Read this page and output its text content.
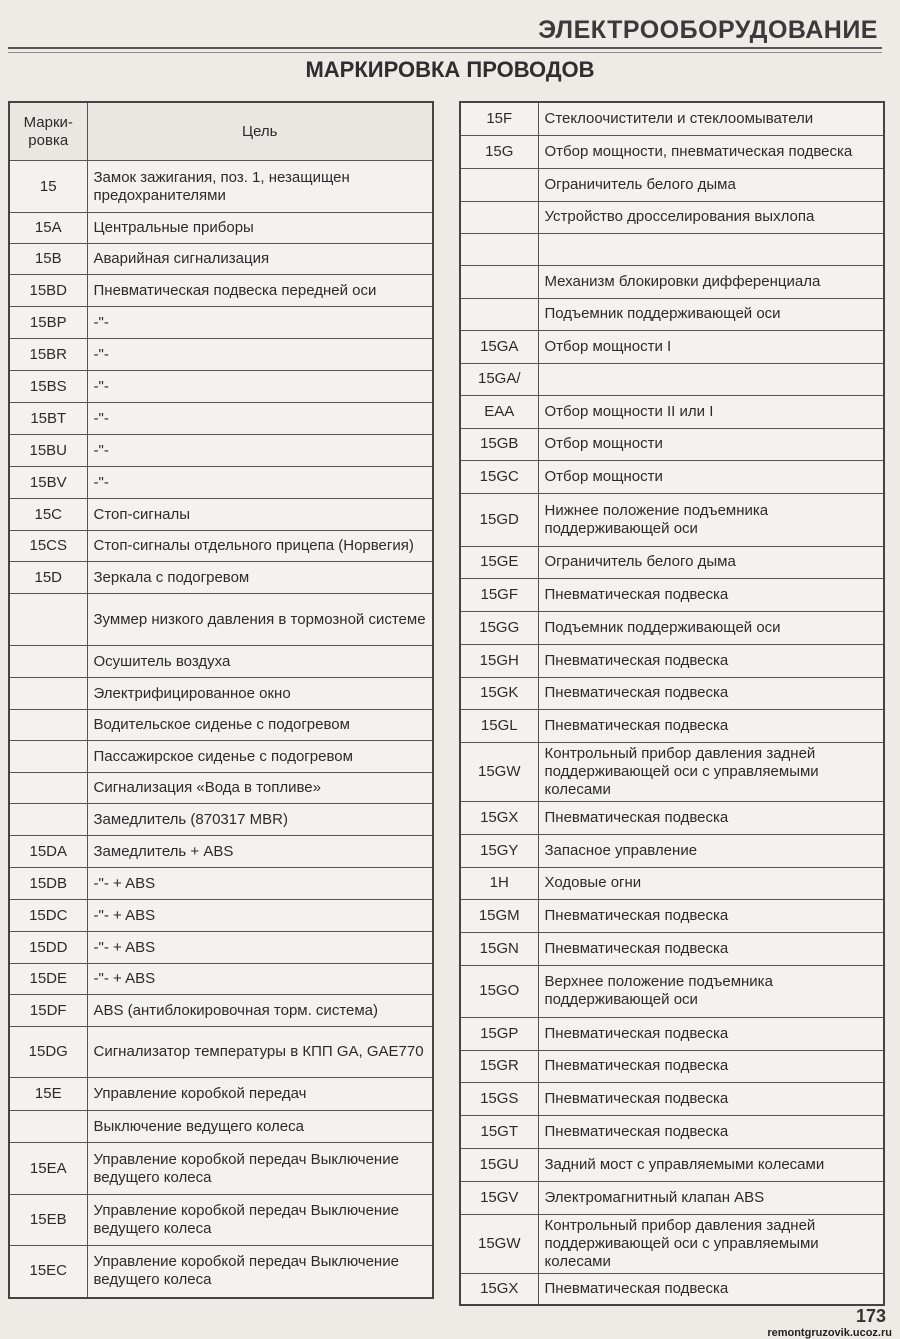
ЭЛЕКТРООБОРУДОВАНИЕ
МАРКИРОВКА ПРОВОДОВ
Марки-ровка	Цель
15	Замок зажигания, поз. 1, незащищен предохранителями
15A	Центральные приборы
15B	Аварийная сигнализация
15BD	Пневматическая подвеска передней оси
15BP	-"-
15BR	-"-
15BS	-"-
15BT	-"-
15BU	-"-
15BV	-"-
15C	Стоп-сигналы
15CS	Стоп-сигналы отдельного прицепа (Норвегия)
15D	Зеркала с подогревом
	Зуммер низкого давления в тормозной системе
	Осушитель воздуха
	Электрифицированное окно
	Водительское сиденье с подогревом
	Пассажирское сиденье с подогревом
	Сигнализация «Вода в топливе»
	Замедлитель (870317 MBR)
15DA	Замедлитель + ABS
15DB	-"- + ABS
15DC	-"- + ABS
15DD	-"- + ABS
15DE	-"- + ABS
15DF	ABS (антиблокировочная торм. система)
15DG	Сигнализатор температуры в КПП GA, GAE770
15E	Управление коробкой передач
	Выключение ведущего колеса
15EA	Управление коробкой передач Выключение ведущего колеса
15EB	Управление коробкой передач Выключение ведущего колеса
15EC	Управление коробкой передач Выключение ведущего колеса
15F	Стеклоочистители и стеклоомыватели
15G	Отбор мощности, пневматическая подвеска
	Ограничитель белого дыма
	Устройство дросселирования выхлопа

	Механизм блокировки дифференциала
	Подъемник поддерживающей оси
15GA	Отбор мощности I
15GA/	
EAA	Отбор мощности II или I
15GB	Отбор мощности
15GC	Отбор мощности
15GD	Нижнее положение подъемника поддерживающей оси
15GE	Ограничитель белого дыма
15GF	Пневматическая подвеска
15GG	Подъемник поддерживающей оси
15GH	Пневматическая подвеска
15GK	Пневматическая подвеска
15GL	Пневматическая подвеска
15GW	Контрольный прибор давления задней поддерживающей оси с управляемыми колесами
15GX	Пневматическая подвеска
15GY	Запасное управление
1H	Ходовые огни
15GM	Пневматическая подвеска
15GN	Пневматическая подвеска
15GO	Верхнее положение подъемника поддерживающей оси
15GP	Пневматическая подвеска
15GR	Пневматическая подвеска
15GS	Пневматическая подвеска
15GT	Пневматическая подвеска
15GU	Задний мост с управляемыми колесами
15GV	Электромагнитный клапан ABS
15GW	Контрольный прибор давления задней поддерживающей оси с управляемыми колесами
15GX	Пневматическая подвеска
173
remontgruzovik.ucoz.ru
